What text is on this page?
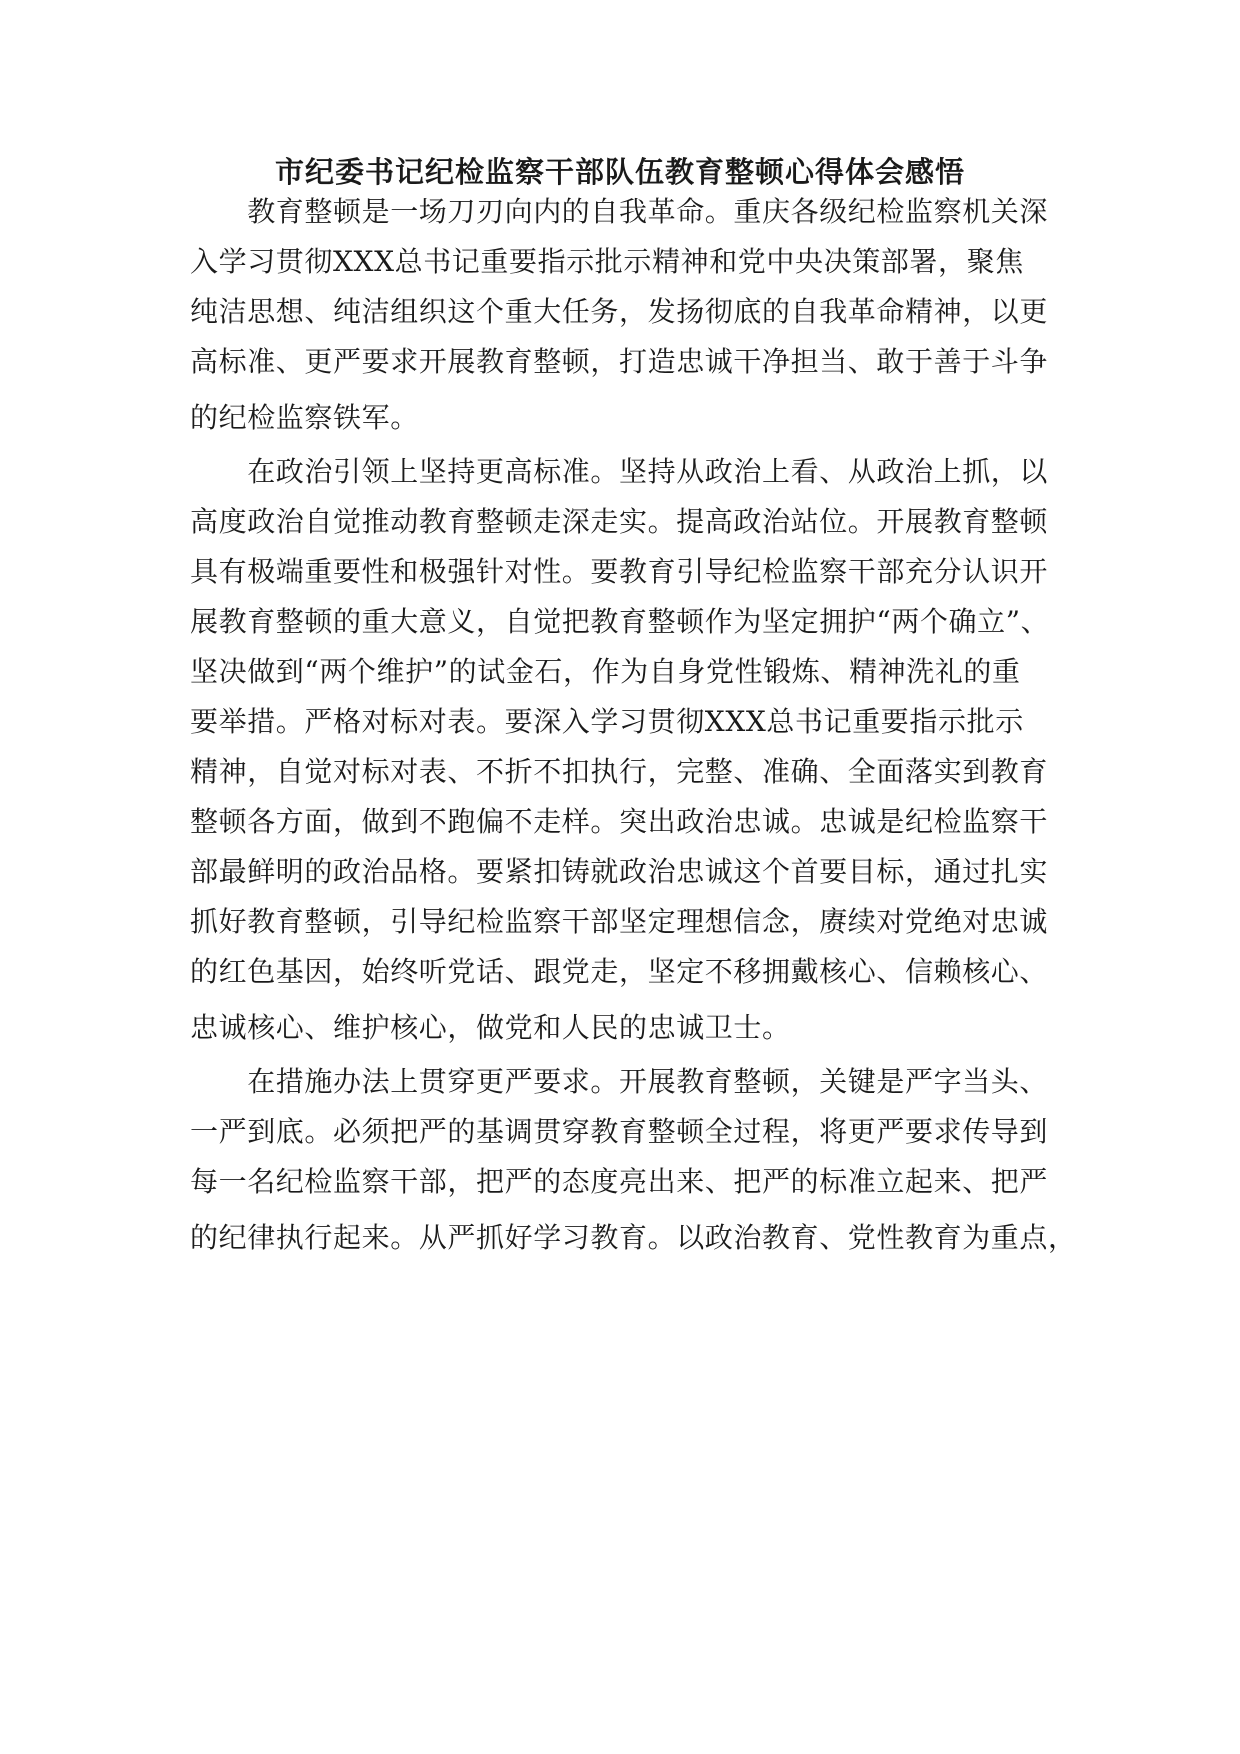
市纪委书记纪检监察干部队伍教育整顿心得体会感悟
　　教育整顿是一场刀刃向内的自我革命。重庆各级纪检监察机关深
入学习贯彻XXX总书记重要指示批示精神和党中央决策部署，聚焦
纯洁思想、纯洁组织这个重大任务，发扬彻底的自我革命精神，以更
高标准、更严要求开展教育整顿，打造忠诚干净担当、敢于善于斗争
的纪检监察铁军。
　　在政治引领上坚持更高标准。坚持从政治上看、从政治上抓，以
高度政治自觉推动教育整顿走深走实。提高政治站位。开展教育整顿
具有极端重要性和极强针对性。要教育引导纪检监察干部充分认识开
展教育整顿的重大意义，自觉把教育整顿作为坚定拥护“两个确立”、
坚决做到“两个维护”的试金石，作为自身党性锻炼、精神洗礼的重
要举措。严格对标对表。要深入学习贯彻XXX总书记重要指示批示
精神，自觉对标对表、不折不扣执行，完整、准确、全面落实到教育
整顿各方面，做到不跑偏不走样。突出政治忠诚。忠诚是纪检监察干
部最鲜明的政治品格。要紧扣铸就政治忠诚这个首要目标，通过扎实
抓好教育整顿，引导纪检监察干部坚定理想信念，赓续对党绝对忠诚
的红色基因，始终听党话、跟党走，坚定不移拥戴核心、信赖核心、
忠诚核心、维护核心，做党和人民的忠诚卫士。
　　在措施办法上贯穿更严要求。开展教育整顿，关键是严字当头、
一严到底。必须把严的基调贯穿教育整顿全过程，将更严要求传导到
每一名纪检监察干部，把严的态度亮出来、把严的标准立起来、把严
的纪律执行起来。从严抓好学习教育。以政治教育、党性教育为重点，
